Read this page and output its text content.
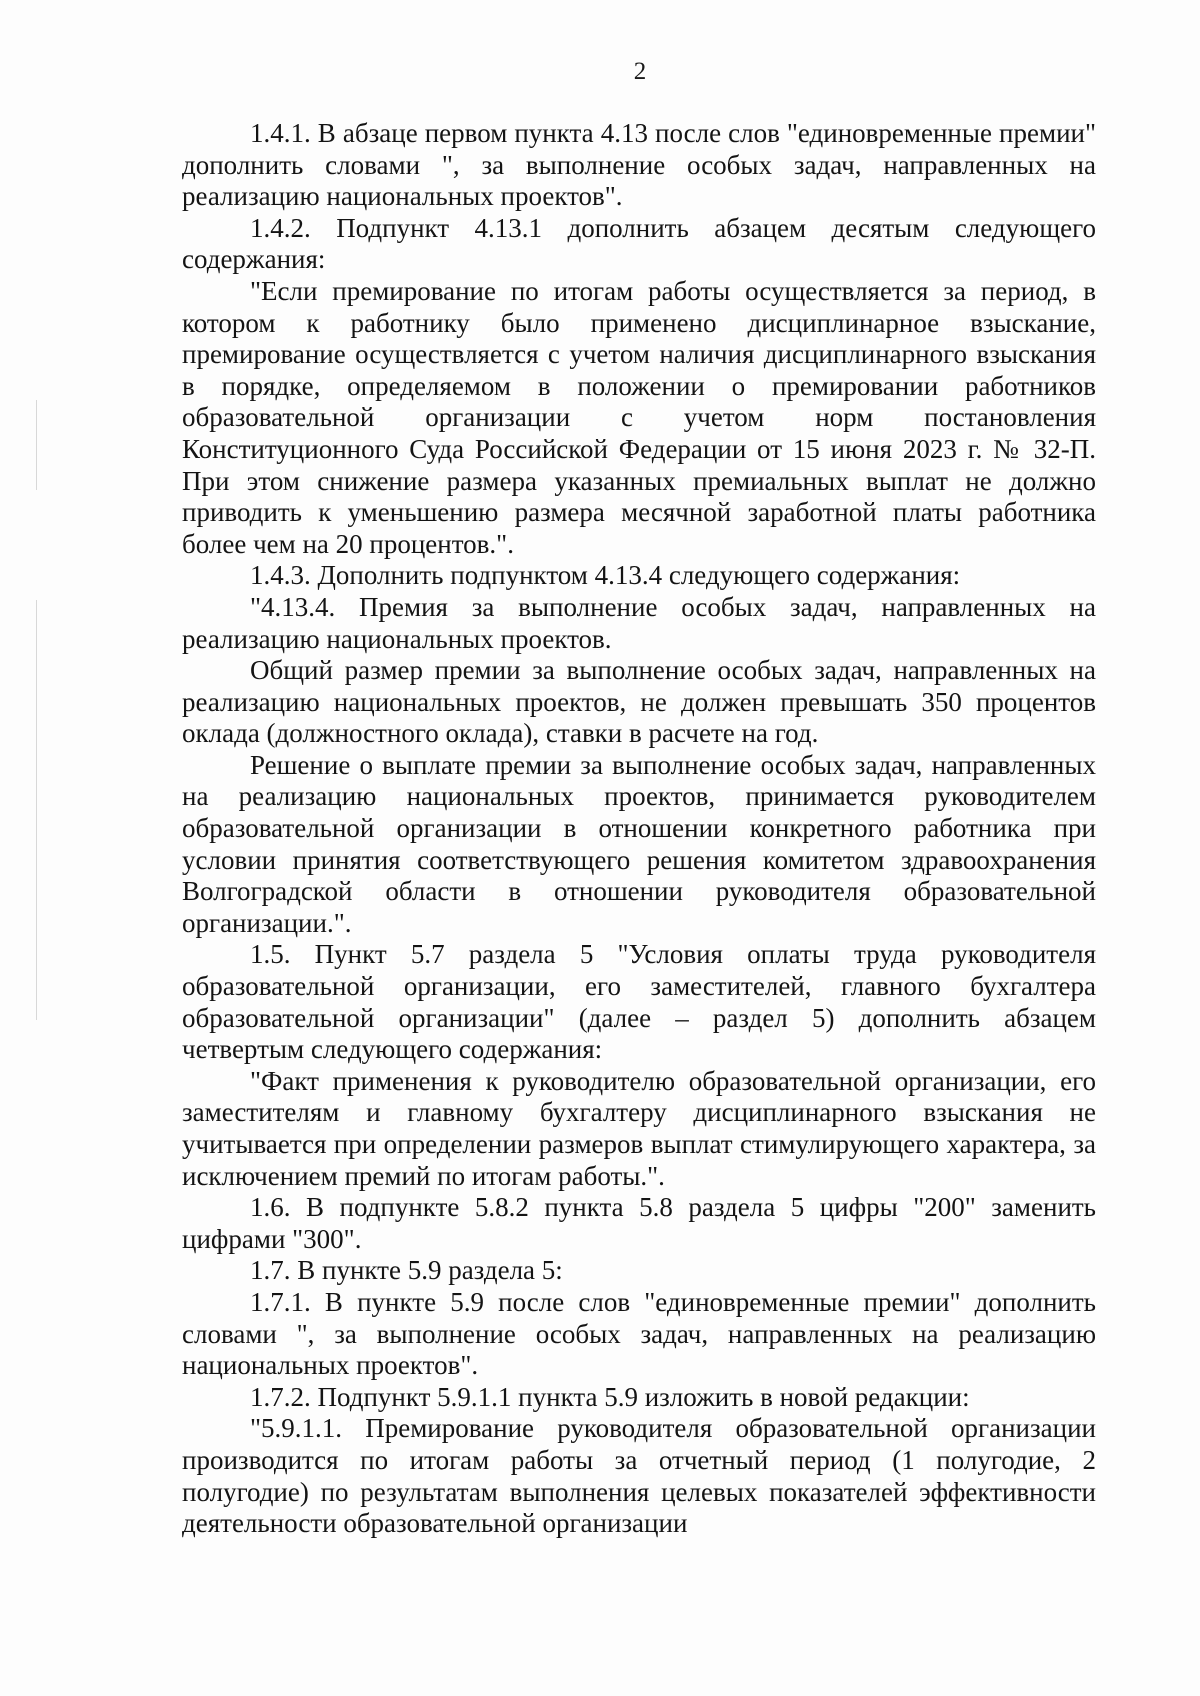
2

1.4.1. В абзаце первом пункта 4.13 после слов "единовременные премии" дополнить словами ", за выполнение особых задач, направленных на реализацию национальных проектов".

1.4.2. Подпункт 4.13.1 дополнить абзацем десятым следующего содержания:

"Если премирование по итогам работы осуществляется за период, в котором к работнику было применено дисциплинарное взыскание, премирование осуществляется с учетом наличия дисциплинарного взыскания в порядке, определяемом в положении о премировании работников образовательной организации с учетом норм постановления Конституционного Суда Российской Федерации от 15 июня 2023 г. № 32-П. При этом снижение размера указанных премиальных выплат не должно приводить к уменьшению размера месячной заработной платы работника более чем на 20 процентов.".

1.4.3. Дополнить подпунктом 4.13.4 следующего содержания:

"4.13.4. Премия за выполнение особых задач, направленных на реализацию национальных проектов.

Общий размер премии за выполнение особых задач, направленных на реализацию национальных проектов, не должен превышать 350 процентов оклада (должностного оклада), ставки в расчете на год.

Решение о выплате премии за выполнение особых задач, направленных на реализацию национальных проектов, принимается руководителем образовательной организации в отношении конкретного работника при условии принятия соответствующего решения комитетом здравоохранения Волгоградской области в отношении руководителя образовательной организации.".

1.5. Пункт 5.7 раздела 5 "Условия оплаты труда руководителя образовательной организации, его заместителей, главного бухгалтера образовательной организации" (далее – раздел 5) дополнить абзацем четвертым следующего содержания:

"Факт применения к руководителю образовательной организации, его заместителям и главному бухгалтеру дисциплинарного взыскания не учитывается при определении размеров выплат стимулирующего характера, за исключением премий по итогам работы.".

1.6. В подпункте 5.8.2 пункта 5.8 раздела 5 цифры "200" заменить цифрами "300".

1.7. В пункте 5.9 раздела 5:

1.7.1. В пункте 5.9 после слов "единовременные премии" дополнить словами ", за выполнение особых задач, направленных на реализацию национальных проектов".

1.7.2. Подпункт 5.9.1.1 пункта 5.9 изложить в новой редакции:

"5.9.1.1. Премирование руководителя образовательной организации производится по итогам работы за отчетный период (1 полугодие, 2 полугодие) по результатам выполнения целевых показателей эффективности деятельности образовательной организации
